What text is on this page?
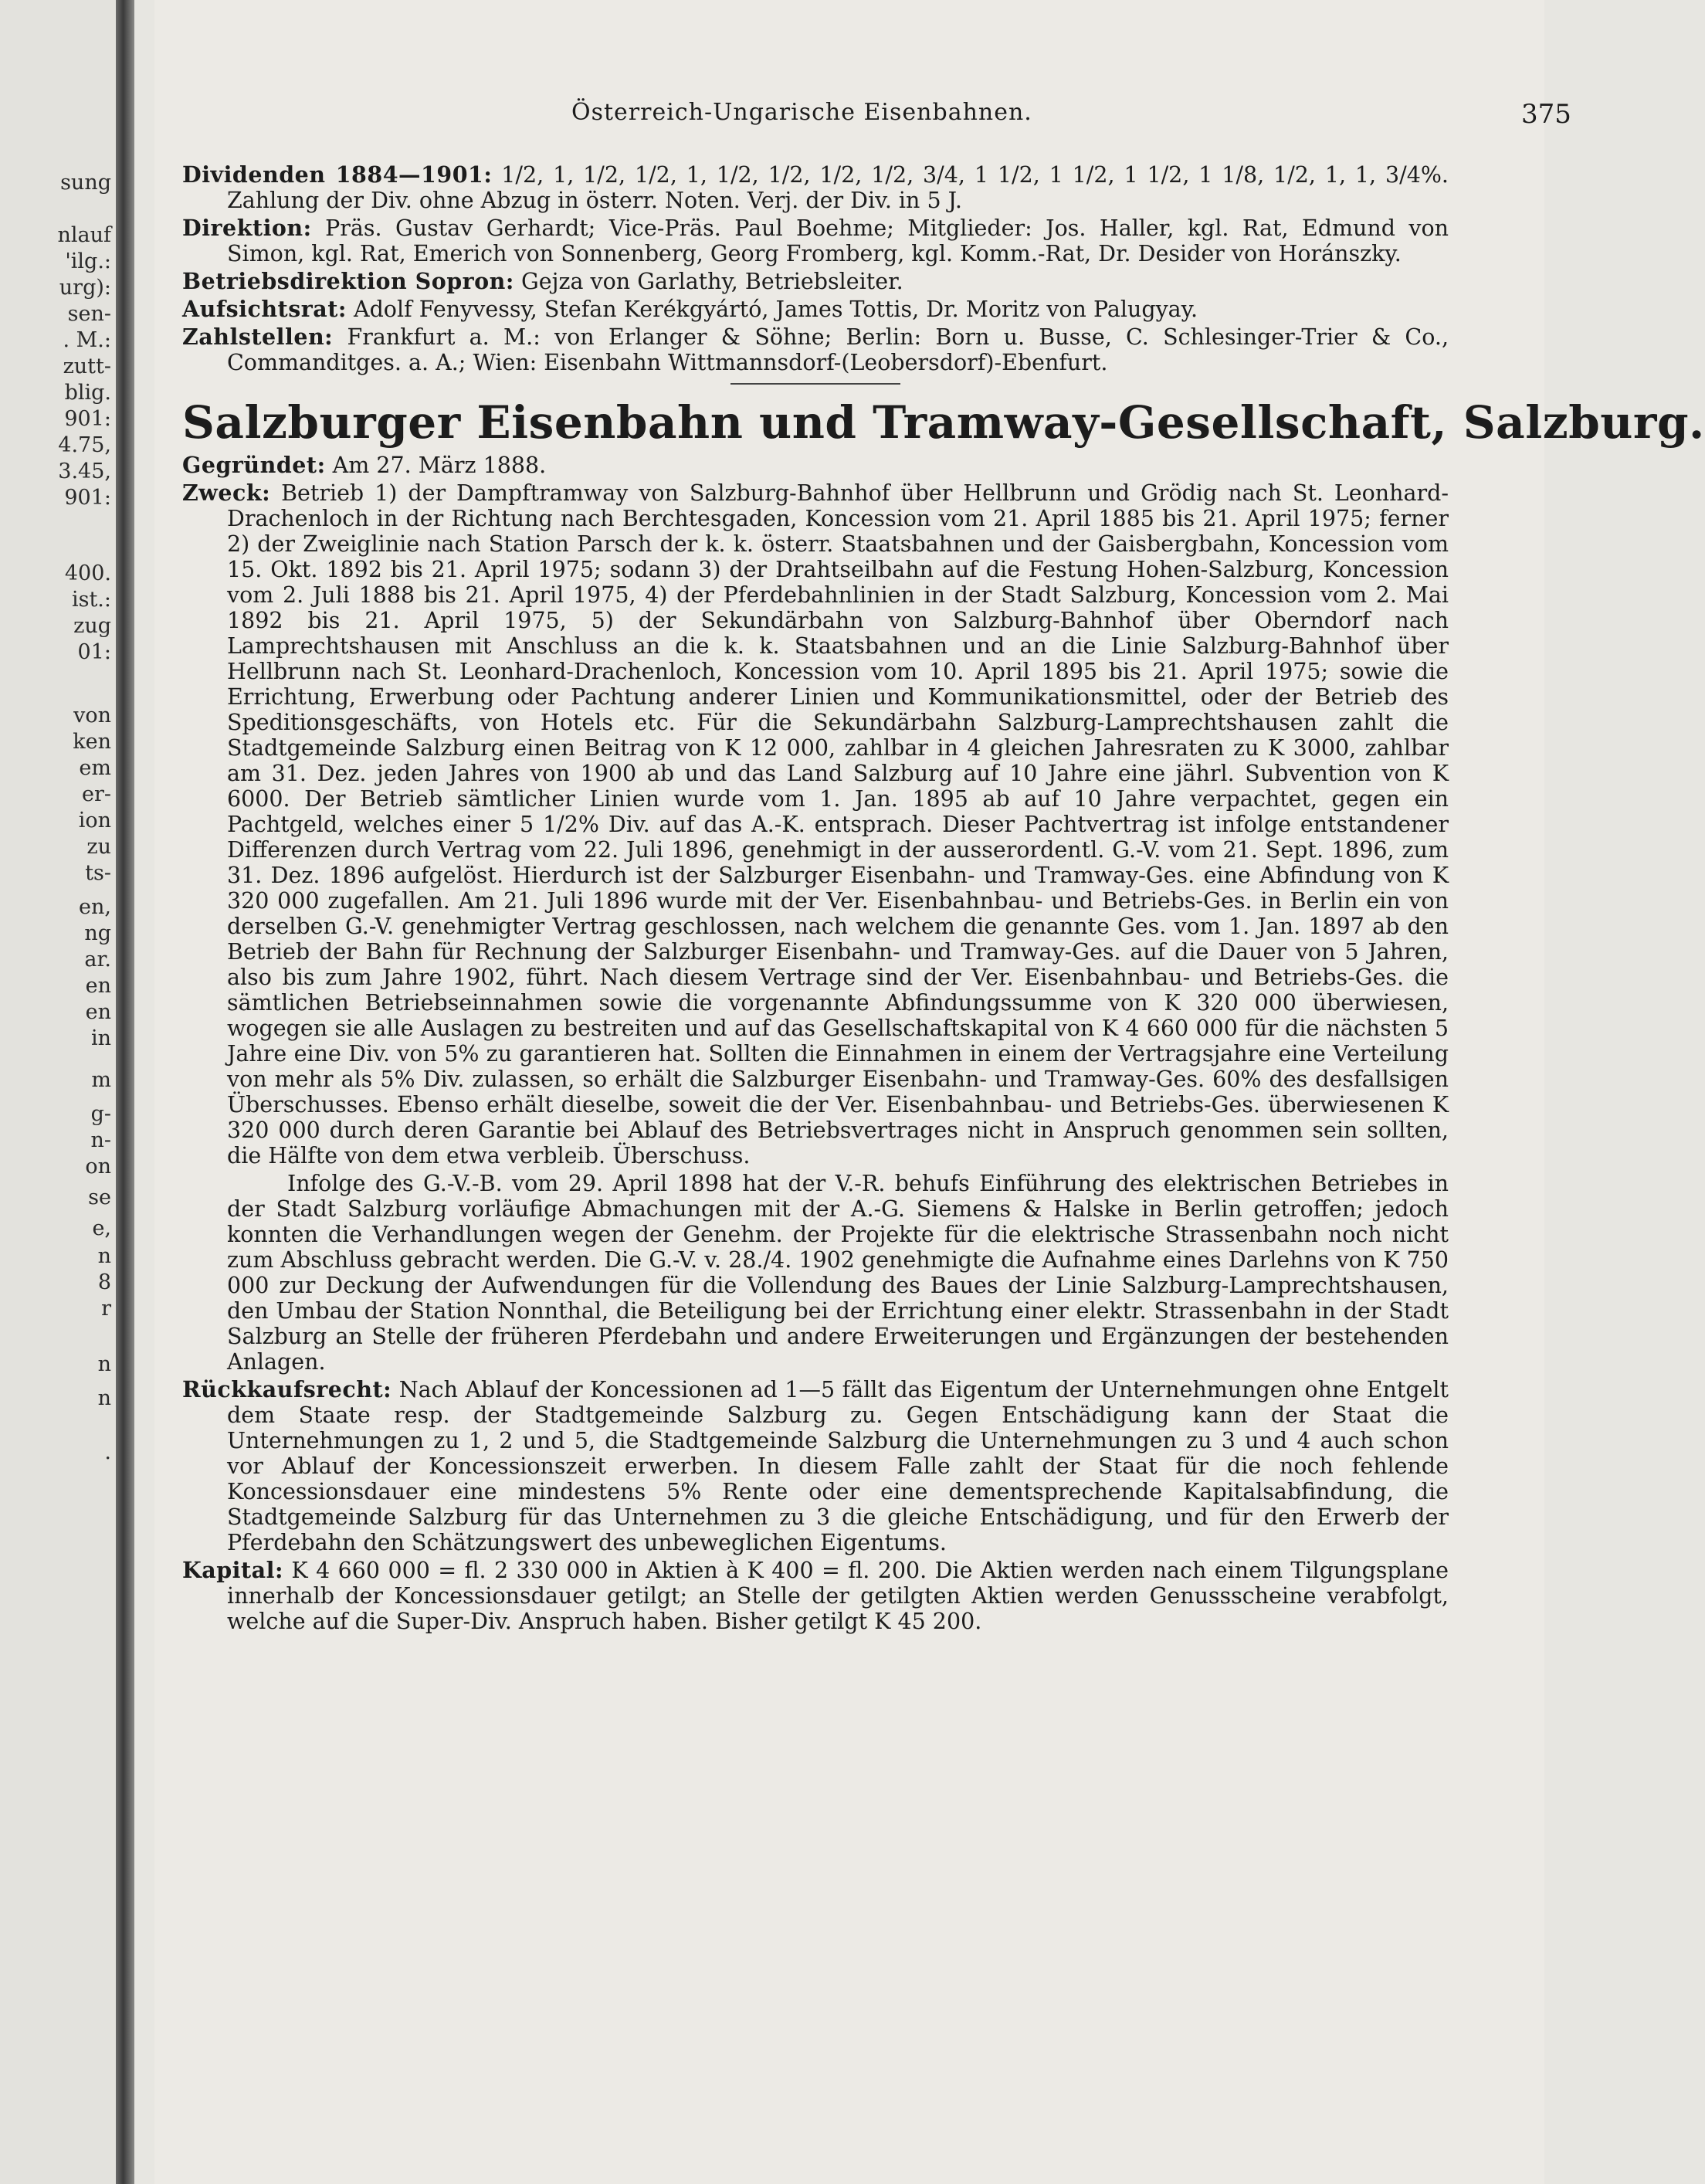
sung
nlauf
'ilg.:
urg):
sen-
. M.:
zutt-
blig.
901:
4.75,
3.45,
901:
400.
ist.:
zug
01:
von
ken
em
er-
ion
zu
ts-
en,
ng
ar.
en
en
in
m
g-
n-
on
se
e,
n
8
r
n
n
.
Österreich-Ungarische Eisenbahnen.	375

Dividenden 1884—1901: 1/2, 1, 1/2, 1/2, 1, 1/2, 1/2, 1/2, 1/2, 3/4, 1 1/2, 1 1/2, 1 1/2, 1 1/8, 1/2, 1, 1, 3/4%. Zahlung der Div. ohne Abzug in österr. Noten. Verj. der Div. in 5 J.

Direktion: Präs. Gustav Gerhardt; Vice-Präs. Paul Boehme; Mitglieder: Jos. Haller, kgl. Rat, Edmund von Simon, kgl. Rat, Emerich von Sonnenberg, Georg Fromberg, kgl. Komm.-Rat, Dr. Desider von Horánszky.

Betriebsdirektion Sopron: Gejza von Garlathy, Betriebsleiter.

Aufsichtsrat: Adolf Fenyvessy, Stefan Kerékgyártó, James Tottis, Dr. Moritz von Palugyay.

Zahlstellen: Frankfurt a. M.: von Erlanger & Söhne; Berlin: Born u. Busse, C. Schlesinger-Trier & Co., Commanditges. a. A.; Wien: Eisenbahn Wittmannsdorf-(Leobersdorf)-Ebenfurt.

Salzburger Eisenbahn und Tramway-Gesellschaft, Salzburg.

Gegründet: Am 27. März 1888.

Zweck: Betrieb 1) der Dampftramway von Salzburg-Bahnhof über Hellbrunn und Grödig nach St. Leonhard-Drachenloch in der Richtung nach Berchtesgaden, Koncession vom 21. April 1885 bis 21. April 1975; ferner 2) der Zweiglinie nach Station Parsch der k. k. österr. Staatsbahnen und der Gaisbergbahn, Koncession vom 15. Okt. 1892 bis 21. April 1975; sodann 3) der Drahtseilbahn auf die Festung Hohen-Salzburg, Koncession vom 2. Juli 1888 bis 21. April 1975, 4) der Pferdebahnlinien in der Stadt Salzburg, Koncession vom 2. Mai 1892 bis 21. April 1975, 5) der Sekundärbahn von Salzburg-Bahnhof über Oberndorf nach Lamprechtshausen mit Anschluss an die k. k. Staatsbahnen und an die Linie Salzburg-Bahnhof über Hellbrunn nach St. Leonhard-Drachenloch, Koncession vom 10. April 1895 bis 21. April 1975; sowie die Errichtung, Erwerbung oder Pachtung anderer Linien und Kommunikationsmittel, oder der Betrieb des Speditionsgeschäfts, von Hotels etc. Für die Sekundärbahn Salzburg-Lamprechtshausen zahlt die Stadtgemeinde Salzburg einen Beitrag von K 12 000, zahlbar in 4 gleichen Jahresraten zu K 3000, zahlbar am 31. Dez. jeden Jahres von 1900 ab und das Land Salzburg auf 10 Jahre eine jährl. Subvention von K 6000. Der Betrieb sämtlicher Linien wurde vom 1. Jan. 1895 ab auf 10 Jahre verpachtet, gegen ein Pachtgeld, welches einer 5 1/2% Div. auf das A.-K. entsprach. Dieser Pachtvertrag ist infolge entstandener Differenzen durch Vertrag vom 22. Juli 1896, genehmigt in der ausserordentl. G.-V. vom 21. Sept. 1896, zum 31. Dez. 1896 aufgelöst. Hierdurch ist der Salzburger Eisenbahn- und Tramway-Ges. eine Abfindung von K 320 000 zugefallen. Am 21. Juli 1896 wurde mit der Ver. Eisenbahnbau- und Betriebs-Ges. in Berlin ein von derselben G.-V. genehmigter Vertrag geschlossen, nach welchem die genannte Ges. vom 1. Jan. 1897 ab den Betrieb der Bahn für Rechnung der Salzburger Eisenbahn- und Tramway-Ges. auf die Dauer von 5 Jahren, also bis zum Jahre 1902, führt. Nach diesem Vertrage sind der Ver. Eisenbahnbau- und Betriebs-Ges. die sämtlichen Betriebseinnahmen sowie die vorgenannte Abfindungssumme von K 320 000 überwiesen, wogegen sie alle Auslagen zu bestreiten und auf das Gesellschaftskapital von K 4 660 000 für die nächsten 5 Jahre eine Div. von 5% zu garantieren hat. Sollten die Einnahmen in einem der Vertragsjahre eine Verteilung von mehr als 5% Div. zulassen, so erhält die Salzburger Eisenbahn- und Tramway-Ges. 60% des desfallsigen Überschusses. Ebenso erhält dieselbe, soweit die der Ver. Eisenbahnbau- und Betriebs-Ges. überwiesenen K 320 000 durch deren Garantie bei Ablauf des Betriebsvertrages nicht in Anspruch genommen sein sollten, die Hälfte von dem etwa verbleib. Überschuss.

Infolge des G.-V.-B. vom 29. April 1898 hat der V.-R. behufs Einführung des elektrischen Betriebes in der Stadt Salzburg vorläufige Abmachungen mit der A.-G. Siemens & Halske in Berlin getroffen; jedoch konnten die Verhandlungen wegen der Genehm. der Projekte für die elektrische Strassenbahn noch nicht zum Abschluss gebracht werden. Die G.-V. v. 28./4. 1902 genehmigte die Aufnahme eines Darlehns von K 750 000 zur Deckung der Aufwendungen für die Vollendung des Baues der Linie Salzburg-Lamprechtshausen, den Umbau der Station Nonnthal, die Beteiligung bei der Errichtung einer elektr. Strassenbahn in der Stadt Salzburg an Stelle der früheren Pferdebahn und andere Erweiterungen und Ergänzungen der bestehenden Anlagen.

Rückkaufsrecht: Nach Ablauf der Koncessionen ad 1—5 fällt das Eigentum der Unternehmungen ohne Entgelt dem Staate resp. der Stadtgemeinde Salzburg zu. Gegen Entschädigung kann der Staat die Unternehmungen zu 1, 2 und 5, die Stadtgemeinde Salzburg die Unternehmungen zu 3 und 4 auch schon vor Ablauf der Koncessionszeit erwerben. In diesem Falle zahlt der Staat für die noch fehlende Koncessionsdauer eine mindestens 5% Rente oder eine dementsprechende Kapitalsabfindung, die Stadtgemeinde Salzburg für das Unternehmen zu 3 die gleiche Entschädigung, und für den Erwerb der Pferdebahn den Schätzungswert des unbeweglichen Eigentums.

Kapital: K 4 660 000 = fl. 2 330 000 in Aktien à K 400 = fl. 200. Die Aktien werden nach einem Tilgungsplane innerhalb der Koncessionsdauer getilgt; an Stelle der getilgten Aktien werden Genussscheine verabfolgt, welche auf die Super-Div. Anspruch haben. Bisher getilgt K 45 200.
